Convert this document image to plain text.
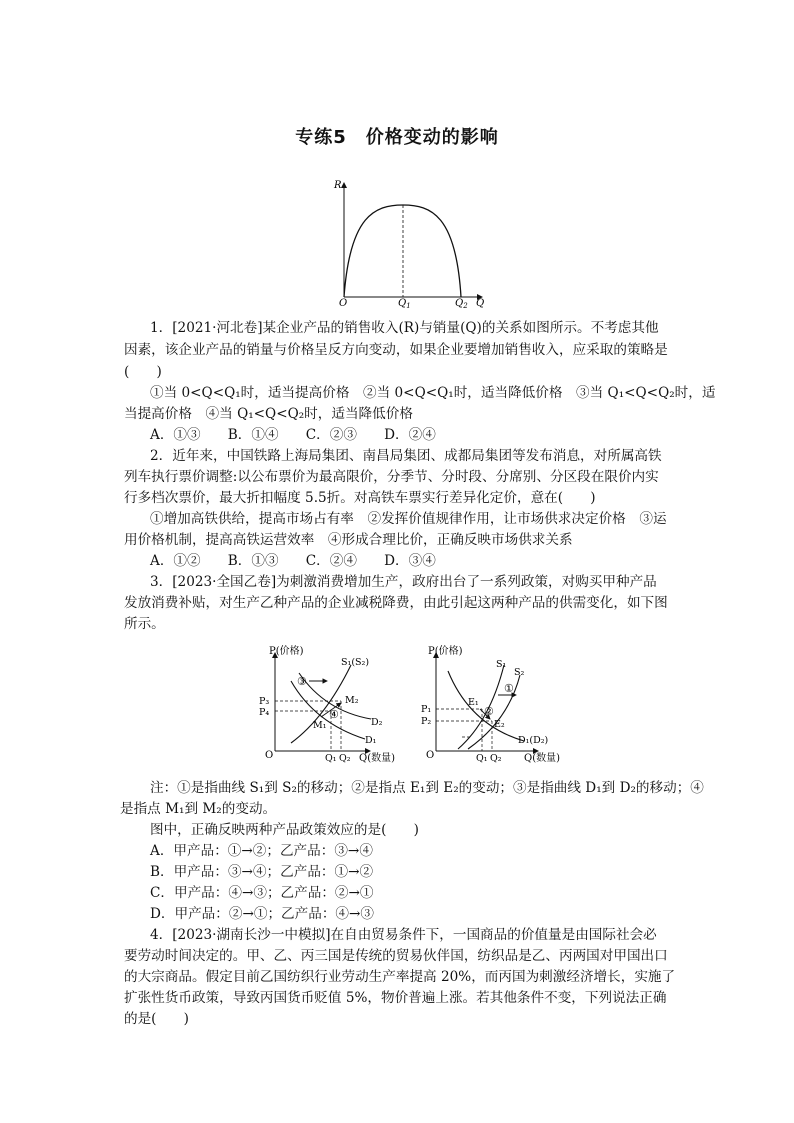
专练5　价格变动的影响
R
O	$Q_1$	$Q_2$ Q
1．[2021·河北卷]某企业产品的销售收入(R)与销量(Q)的关系如图所示。不考虑其他
因素，该企业产品的销量与价格呈反方向变动，如果企业要增加销售收入，应采取的策略是
(　　)
①当 0<Q<Q₁时，适当提高价格　②当 0<Q<Q₁时，适当降低价格　③当 Q₁<Q<Q₂时，适
当提高价格　④当 Q₁<Q<Q₂时，适当降低价格
A．①③　　B．①④　　C．②③　　D．②④
2．近年来，中国铁路上海局集团、南昌局集团、成都局集团等发布消息，对所属高铁
列车执行票价调整:以公布票价为最高限价，分季节、分时段、分席别、分区段在限价内实
行多档次票价，最大折扣幅度 5.5折。对高铁车票实行差异化定价，意在(　　)
①增加高铁供给，提高市场占有率　②发挥价值规律作用，让市场供求决定价格　③运
用价格机制，提高高铁运营效率　④形成合理比价，正确反映市场供求关系
A．①②　　B．①③　　C．②④　　D．③④
3．[2023·全国乙卷]为刺激消费增加生产，政府出台了一系列政策，对购买甲种产品
发放消费补贴，对生产乙种产品的企业减税降费，由此引起这两种产品的供需变化，如下图
所示。
③
④
P(价格)
O
S₁(S₂)
M₂
M₁	D₂
D₁
P₃
P₄
Q₁ Q₂ Q(数量)
①
②
P(价格)
O
S₁
S₂
E₁
E₂
D₁(D₂)
P₁
P₂
Q₁ Q₂ Q(数量)
注：①是指曲线 S₁到 S₂的移动；②是指点 E₁到 E₂的变动；③是指曲线 D₁到 D₂的移动；④
是指点 M₁到 M₂的变动。
图中，正确反映两种产品政策效应的是(　　)
A．甲产品：①→②；乙产品：③→④
B．甲产品：③→④；乙产品：①→②
C．甲产品：④→③；乙产品：②→①
D．甲产品：②→①；乙产品：④→③
4．[2023·湖南长沙一中模拟]在自由贸易条件下，一国商品的价值量是由国际社会必
要劳动时间决定的。甲、乙、丙三国是传统的贸易伙伴国，纺织品是乙、丙两国对甲国出口
的大宗商品。假定目前乙国纺织行业劳动生产率提高 20%，而丙国为刺激经济增长，实施了
扩张性货币政策，导致丙国货币贬值 5%，物价普遍上涨。若其他条件不变，下列说法正确
的是(　　)
